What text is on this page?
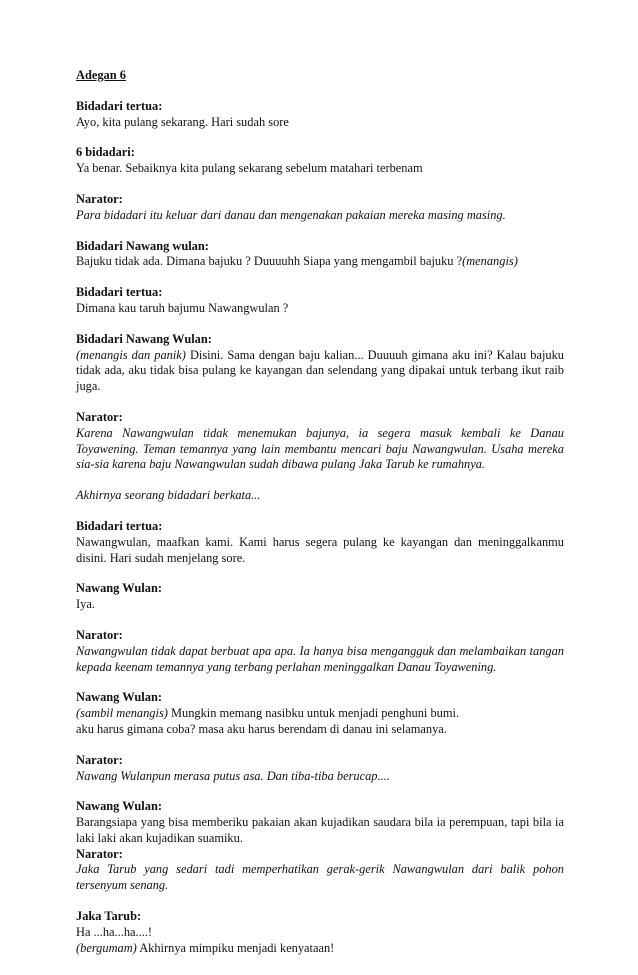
Adegan 6

Bidadari tertua:

Ayo, kita pulang sekarang. Hari sudah sore

6 bidadari:

Ya benar. Sebaiknya kita pulang sekarang sebelum matahari terbenam

Narator:

Para bidadari itu keluar dari danau dan mengenakan pakaian mereka masing masing.

Bidadari Nawang wulan:

Bajuku tidak ada. Dimana bajuku ? Duuuuhh Siapa yang mengambil bajuku ?(menangis)

Bidadari tertua:

Dimana kau taruh bajumu Nawangwulan ?

Bidadari Nawang Wulan:

(menangis dan panik) Disini. Sama dengan baju kalian... Duuuuh gimana aku ini? Kalau bajuku tidak ada, aku tidak bisa pulang ke kayangan dan selendang yang dipakai untuk terbang ikut raib juga.

Narator:

Karena Nawangwulan tidak menemukan bajunya, ia segera masuk kembali ke Danau Toyawening. Teman temannya yang lain membantu mencari baju Nawangwulan. Usaha mereka sia-sia karena baju Nawangwulan sudah dibawa pulang Jaka Tarub ke rumahnya.

Akhirnya seorang bidadari berkata...

Bidadari tertua:

Nawangwulan, maafkan kami. Kami harus segera pulang ke kayangan dan meninggalkanmu disini. Hari sudah menjelang sore.

Nawang Wulan:

Iya.

Narator:

Nawangwulan tidak dapat berbuat apa apa. Ia hanya bisa mengangguk dan melambaikan tangan kepada keenam temannya yang terbang perlahan meninggalkan Danau Toyawening.

Nawang Wulan:

(sambil menangis) Mungkin memang nasibku untuk menjadi penghuni bumi.

aku harus gimana coba? masa aku harus berendam di danau ini selamanya.

Narator:

Nawang Wulanpun merasa putus asa. Dan tiba-tiba berucap....

Nawang Wulan:

Barangsiapa yang bisa memberiku pakaian akan kujadikan saudara bila ia perempuan, tapi bila ia laki laki akan kujadikan suamiku.

Narator:

Jaka Tarub yang sedari tadi memperhatikan gerak-gerik Nawangwulan dari balik pohon tersenyum senang.

Jaka Tarub:

Ha ...ha...ha....!

(bergumam) Akhirnya mimpiku menjadi kenyataan!
